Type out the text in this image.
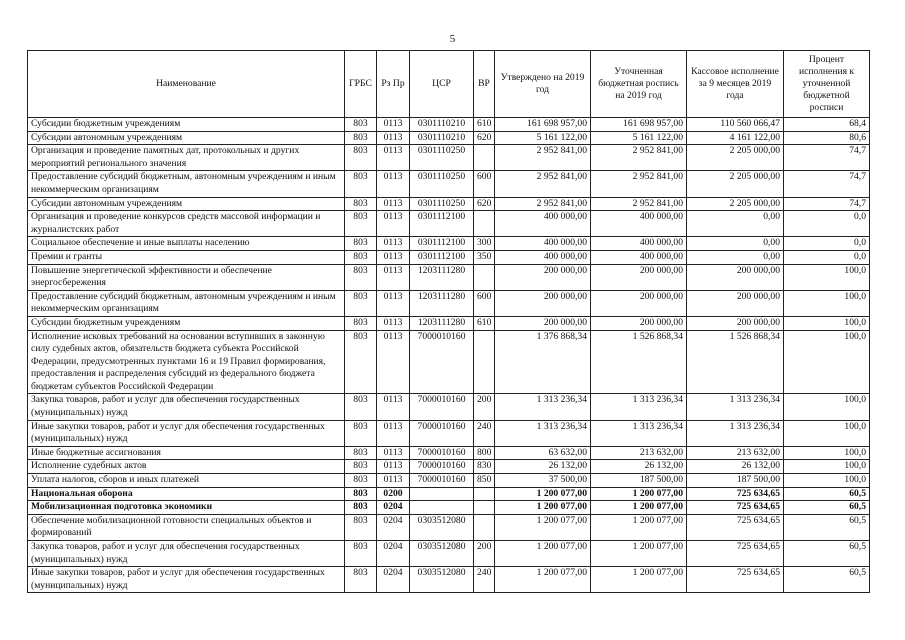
5
Наименование	ГРБС	Рз Пр	ЦСР	ВР	Утверждено на 2019 год	Уточненная бюджетная роспись на 2019 год	Кассовое исполнение за 9 месяцев 2019 года	Процент исполнения к уточненной бюджетной росписи
Субсидии бюджетным учреждениям	803	0113	0301110210	610	161 698 957,00	161 698 957,00	110 560 066,47	68,4
Субсидии автономным учреждениям	803	0113	0301110210	620	5 161 122,00	5 161 122,00	4 161 122,00	80,6
Организация и проведение памятных дат, протокольных и других мероприятий регионального значения	803	0113	0301110250		2 952 841,00	2 952 841,00	2 205 000,00	74,7
Предоставление субсидий бюджетным, автономным учреждениям и иным некоммерческим организациям	803	0113	0301110250	600	2 952 841,00	2 952 841,00	2 205 000,00	74,7
Субсидии автономным учреждениям	803	0113	0301110250	620	2 952 841,00	2 952 841,00	2 205 000,00	74,7
Организация и проведение конкурсов средств массовой информации и журналистских работ	803	0113	0301112100		400 000,00	400 000,00	0,00	0,0
Социальное обеспечение и иные выплаты населению	803	0113	0301112100	300	400 000,00	400 000,00	0,00	0,0
Премии и гранты	803	0113	0301112100	350	400 000,00	400 000,00	0,00	0,0
Повышение энергетической эффективности и обеспечение энергосбережения	803	0113	1203111280		200 000,00	200 000,00	200 000,00	100,0
Предоставление субсидий бюджетным, автономным учреждениям и иным некоммерческим организациям	803	0113	1203111280	600	200 000,00	200 000,00	200 000,00	100,0
Субсидии бюджетным учреждениям	803	0113	1203111280	610	200 000,00	200 000,00	200 000,00	100,0
Исполнение исковых требований на основании вступивших в законную силу судебных актов, обязательств бюджета субъекта Российской Федерации, предусмотренных пунктами 16 и 19 Правил формирования, предоставления и распределения субсидий из федерального бюджета бюджетам субъектов Российской Федерации	803	0113	7000010160		1 376 868,34	1 526 868,34	1 526 868,34	100,0
Закупка товаров, работ и услуг для обеспечения государственных (муниципальных) нужд	803	0113	7000010160	200	1 313 236,34	1 313 236,34	1 313 236,34	100,0
Иные закупки товаров, работ и услуг для обеспечения государственных (муниципальных) нужд	803	0113	7000010160	240	1 313 236,34	1 313 236,34	1 313 236,34	100,0
Иные бюджетные ассигнования	803	0113	7000010160	800	63 632,00	213 632,00	213 632,00	100,0
Исполнение судебных актов	803	0113	7000010160	830	26 132,00	26 132,00	26 132,00	100,0
Уплата налогов, сборов и иных платежей	803	0113	7000010160	850	37 500,00	187 500,00	187 500,00	100,0
Национальная оборона	803	0200			1 200 077,00	1 200 077,00	725 634,65	60,5
Мобилизационная подготовка экономики	803	0204			1 200 077,00	1 200 077,00	725 634,65	60,5
Обеспечение мобилизационной готовности специальных объектов и формирований	803	0204	0303512080		1 200 077,00	1 200 077,00	725 634,65	60,5
Закупка товаров, работ и услуг для обеспечения государственных (муниципальных) нужд	803	0204	0303512080	200	1 200 077,00	1 200 077,00	725 634,65	60,5
Иные закупки товаров, работ и услуг для обеспечения государственных (муниципальных) нужд	803	0204	0303512080	240	1 200 077,00	1 200 077,00	725 634,65	60,5
